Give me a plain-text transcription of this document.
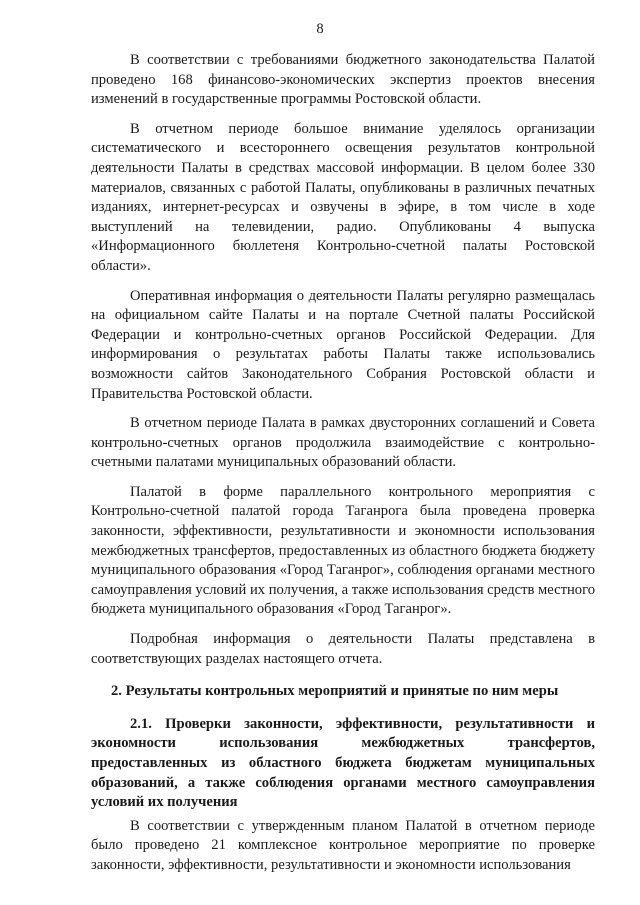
8

В соответствии с требованиями бюджетного законодательства Палатой проведено 168 финансово-экономических экспертиз проектов внесения изменений в государственные программы Ростовской области.

В отчетном периоде большое внимание уделялось организации систематического и всестороннего освещения результатов контрольной деятельности Палаты в средствах массовой информации. В целом более 330 материалов, связанных с работой Палаты, опубликованы в различных печатных изданиях, интернет-ресурсах и озвучены в эфире, в том числе в ходе выступлений на телевидении, радио. Опубликованы 4 выпуска «Информационного бюллетеня Контрольно-счетной палаты Ростовской области».

Оперативная информация о деятельности Палаты регулярно размещалась на официальном сайте Палаты и на портале Счетной палаты Российской Федерации и контрольно-счетных органов Российской Федерации. Для информирования о результатах работы Палаты также использовались возможности сайтов Законодательного Собрания Ростовской области и Правительства Ростовской области.

В отчетном периоде Палата в рамках двусторонних соглашений и Совета контрольно-счетных органов продолжила взаимодействие с контрольно-счетными палатами муниципальных образований области.

Палатой в форме параллельного контрольного мероприятия с Контрольно-счетной палатой города Таганрога была проведена проверка законности, эффективности, результативности и экономности использования межбюджетных трансфертов, предоставленных из областного бюджета бюджету муниципального образования «Город Таганрог», соблюдения органами местного самоуправления условий их получения, а также использования средств местного бюджета муниципального образования «Город Таганрог».

Подробная информация о деятельности Палаты представлена в соответствующих разделах настоящего отчета.

2. Результаты контрольных мероприятий и принятые по ним меры
2.1. Проверки законности, эффективности, результативности и экономности использования межбюджетных трансфертов, предоставленных из областного бюджета бюджетам муниципальных образований, а также соблюдения органами местного самоуправления условий их получения

В соответствии с утвержденным планом Палатой в отчетном периоде было проведено 21 комплексное контрольное мероприятие по проверке законности, эффективности, результативности и экономности использования
